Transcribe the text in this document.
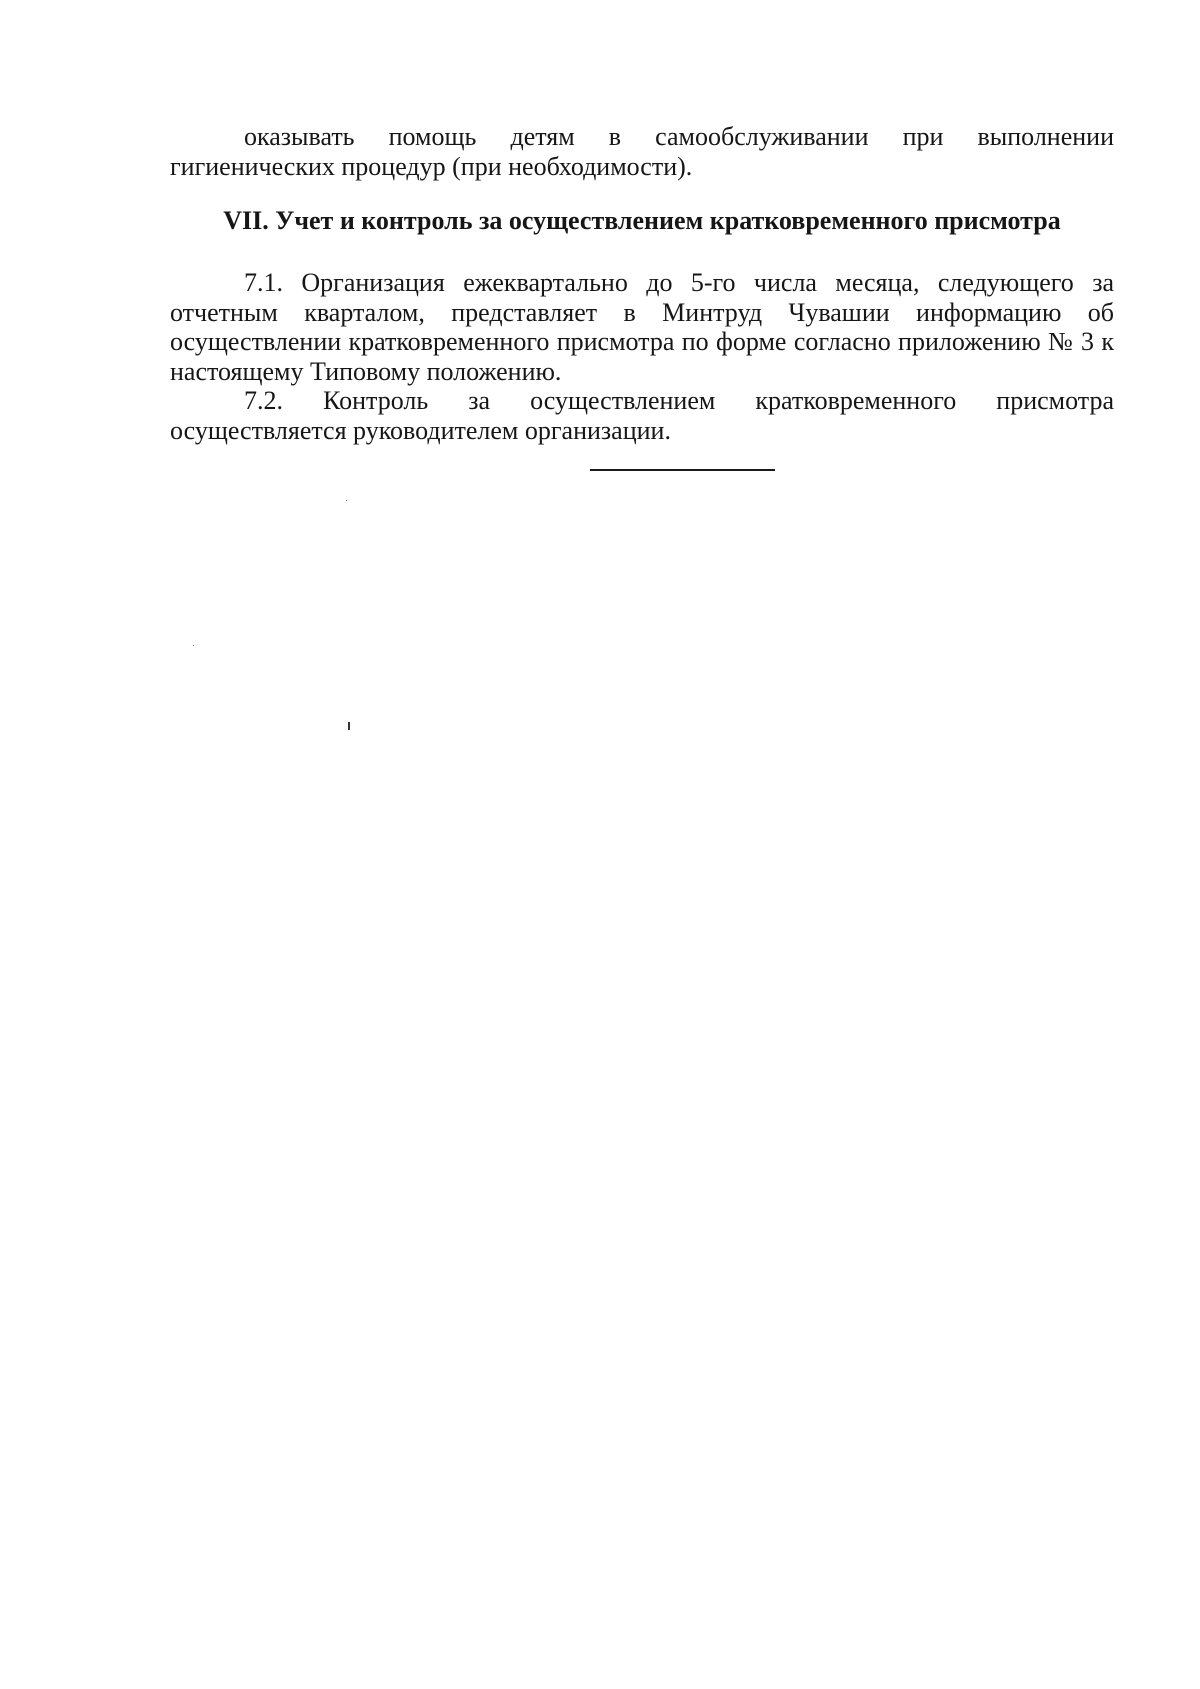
оказывать помощь детям в самообслуживании при выполнении гигиенических процедур (при необходимости).

VII. Учет и контроль за осуществлением кратковременного присмотра

7.1. Организация ежеквартально до 5-го числа месяца, следующего за отчетным кварталом, представляет в Минтруд Чувашии информацию об осуществлении кратковременного присмотра по форме согласно приложению № 3 к настоящему Типовому положению.

7.2. Контроль за осуществлением кратковременного присмотра осуществляется руководителем организации.
